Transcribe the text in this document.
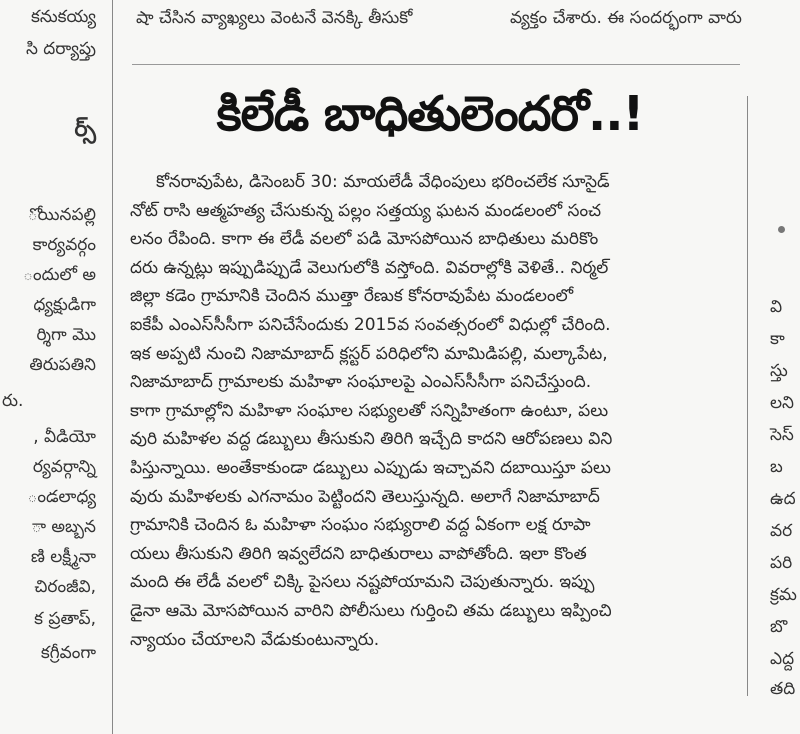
కనుకయ్య
సి దర్యాప్తు
ర్స్
ోయినపల్లి
కార్యవర్గం
ందులో అ
ధ్యక్షుడిగా
ర్శిగా మొ
తిరుపతిని
రు.
, వీడియో
ర్యవర్గాన్ని
ండలాధ్య
ా అబ్బన
ణి లక్ష్మీనా
చిరంజీవి,
క ప్రతాప్,
కగ్రీవంగా
షా చేసిన వ్యాఖ్యలు వెంటనే వెనక్కి తీసుకో	వ్యక్తం చేశారు. ఈ సందర్భంగా వారు
కిలేడీ బాధితులెందరో..!
కోనరావుపేట, డిసెంబర్ 30: మాయలేడీ వేధింపులు భరించలేక సూసైడ్
నోట్ రాసి ఆత్మహత్య చేసుకున్న పల్లం సత్తయ్య ఘటన మండలంలో సంచ
లనం రేపింది. కాగా ఈ లేడీ వలలో పడి మోసపోయిన బాధితులు మరికొం
దరు ఉన్నట్లు ఇప్పుడిప్పుడే వెలుగులోకి వస్తోంది. వివరాల్లోకి వెళితే.. నిర్మల్
జిల్లా కడెం గ్రామానికి చెందిన ముత్తా రేణుక కోనరావుపేట మండలంలో
ఐకేపీ ఎంఎస్‌సీసీగా పనిచేసేందుకు 2015వ సంవత్సరంలో విధుల్లో చేరింది.
ఇక అప్పటి నుంచి నిజామాబాద్ క్లస్టర్ పరిధిలోని మామిడిపల్లి, మల్కాపేట,
నిజామాబాద్ గ్రామాలకు మహిళా సంఘాలపై ఎంఎస్‌సీసీగా పనిచేస్తుంది.
కాగా గ్రామాల్లోని మహిళా సంఘాల సభ్యులతో సన్నిహితంగా ఉంటూ, పలు
వురి మహిళల వద్ద డబ్బులు తీసుకుని తిరిగి ఇచ్చేది కాదని ఆరోపణలు విని
పిస్తున్నాయి. అంతేకాకుండా డబ్బులు ఎప్పుడు ఇచ్చావని దబాయిస్తూ పలు
వురు మహిళలకు ఎగనామం పెట్టిందని తెలుస్తున్నది. అలాగే నిజామాబాద్
గ్రామానికి చెందిన ఓ మహిళా సంఘం సభ్యురాలి వద్ద ఏకంగా లక్ష రూపా
యలు తీసుకుని తిరిగి ఇవ్వలేదని బాధితురాలు వాపోతోంది. ఇలా కొంత
మంది ఈ లేడీ వలలో చిక్కి పైసలు నష్టపోయామని చెపుతున్నారు. ఇప్పు
డైనా ఆమె మోసపోయిన వారిని పోలీసులు గుర్తించి తమ డబ్బులు ఇప్పించి
న్యాయం చేయాలని వేడుకుంటున్నారు.
వి
కా
స్తు
లని
సెస్
బ
ఉద
వర
పరి
క్రమ
బొ
ఎద్ద
తది
